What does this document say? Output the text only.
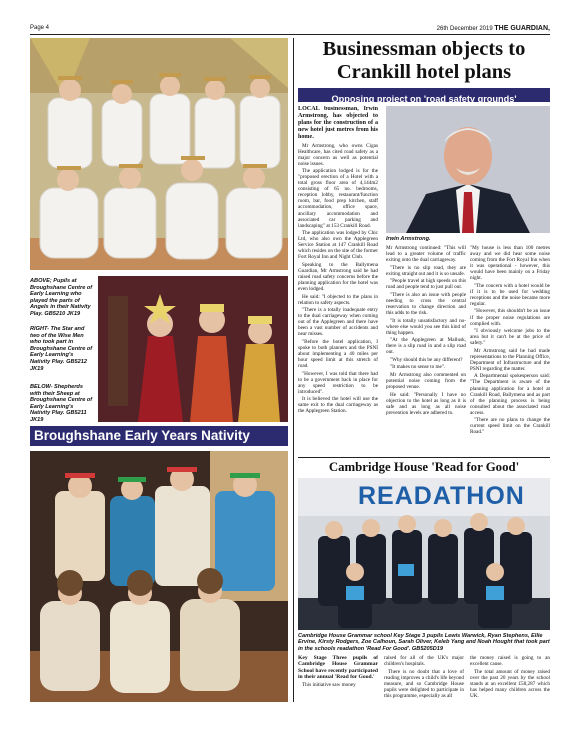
Page 4	26th December 2019 THE GUARDIAN,
ABOVE; Pupils at Broughshane Centre of Early Learning who played the parts of Angels in their Nativity Play. GB5210 JK19
RIGHT- The Star and two of the Wise Men who took part in Broughshane Centre of Early Learning's Nativity Play. GB5212 JK19
BELOW- Shepherds with their Sheep at Broughshane Centre of Early Learning's Nativity Play. GB5211 JK19
Broughshane Early Years Nativity
Businessman objects to
Crankill hotel plans
Opposing project on 'road safety grounds'

LOCAL businessman, Irwin Armstrong, has objected to plans for the construction of a new hotel just metres from his home.

Mr Armstrong, who owns Cigas Healthcare, has cited road safety as a major concern as well as potential noise issues.

The application lodged is for the "proposed erection of a Hotel with a total gross floor area of 4,144m2 consisting of 65 no. bedrooms, reception lobby, restaurant/function room, bar, food prep kitchen, staff accommodation, office space, ancillary accommodation and associated car parking and landscaping" at 153 Crankill Road.

The application was lodged by Chic Ltd, who also own the Applegreen Service Station at 147 Crankill Road which resides on the site of the former Fort Royal Inn and Night Club.

Speaking to the Ballymena Guardian, Mr Armstrong said he had raised road safety concerns before the planning application for the hotel was even lodged.

He said: "I objected to the plans in relation to safety aspects.

"There is a totally inadequate entry to the dual carriageway when coming out of the Applegreen and there have been a vast number of accidents and near misses.

"Before the hotel application, I spoke to both planners and the PSNI about implementing a 40 miles per hour speed limit at this stretch of road.

"However, I was told that there had to be a government back in place for any speed restriction to be introduced".

It is believed the hotel will use the same exit to the dual carriageway as the Applegreen Station.

Irwin Armstrong.

Mr Armstrong continued: "This will lead to a greater volume of traffic exiting onto the dual carriageway.

"There is no slip road, they are exiting straight out and it is so unsafe.

"People travel at high speeds on this road and people tend to just pull out.

"There is also an issue with people needing to cross the central reservation to change direction and this adds to the risk.

"It is totally unsatisfactory and no-where else would you see this kind of thing happen.

"At the Applegreen at Mallusk, there is a slip road in and a slip road out.

"Why should this be any different?

"It makes no sense to me".

Mr Armstrong also commented on potential noise coming from the proposed venue.

He said: "Personally I have no objection to the hotel as long as it is safe and as long as all noise prevention levels are adhered to.

"My house is less than 100 metres away and we did hear some noise coming from the Fort Royal Inn when it was operational - however, this would have been mainly on a Friday night.

"The concern with a hotel would be if it is to be used for wedding receptions and the noise became more regular.

"However, this shouldn't be an issue if the proper noise regulations are complied with.

"I obviously welcome jobs to the area but it can't be at the price of safety."

Mr Armstrong said he had made representations to the Planning Office, Department of Infrastructure and the PSNI regarding the matter.

A Departmental spokesperson said: "The Department is aware of the planning application for a hotel at Crankill Road, Ballymena and as part of the planning process is being consulted about the associated road access.

"There are no plans to change the current speed limit on the Crankill Road."

Cambridge House 'Read for Good'
READATHON
Cambridge House Grammar school Key Stage 3 pupils Lewis Warwick, Ryan Stephens, Ellie Ervine, Kirsty Rodgers, Zoe Calhoun, Sarah Oliver, Keleb Yang and Noah Hought that took part in the schools readathon 'Read For Good'. GB5205D19

Key Stage Three pupils of Cambridge House Grammar School have recently participated in their annual 'Read for Good.'

This initiative saw money

raised for all of the UK's major children's hospitals.

There is no doubt that a love of reading improves a child's life beyond measure, and so Cambridge House pupils were delighted to participate in this programme, especially as all

the money raised is going to an excellent cause.

The total amount of money raised over the past 20 years by the school stands at an excellent £58,287 which has helped many children across the UK.
